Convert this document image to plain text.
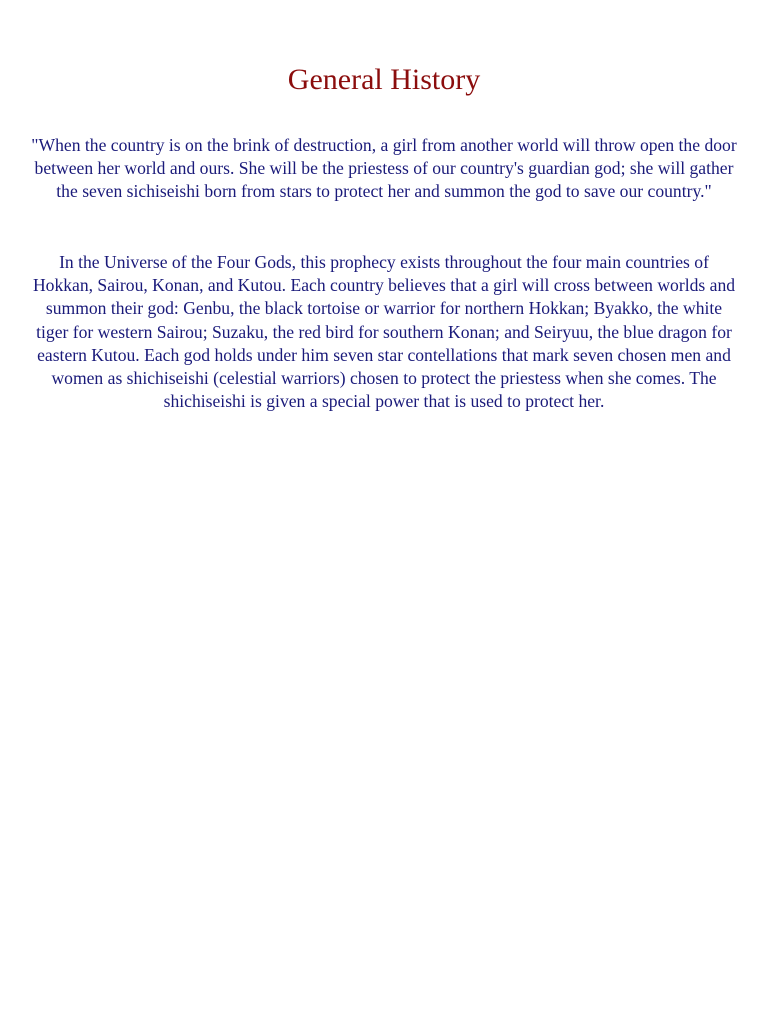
General History

"When the country is on the brink of destruction, a girl from another world will throw open the door between her world and ours. She will be the priestess of our country's guardian god; she will gather the seven sichiseishi born from stars to protect her and summon the god to save our country."

In the Universe of the Four Gods, this prophecy exists throughout the four main countries of Hokkan, Sairou, Konan, and Kutou. Each country believes that a girl will cross between worlds and summon their god: Genbu, the black tortoise or warrior for northern Hokkan; Byakko, the white tiger for western Sairou; Suzaku, the red bird for southern Konan; and Seiryuu, the blue dragon for eastern Kutou. Each god holds under him seven star contellations that mark seven chosen men and women as shichiseishi (celestial warriors) chosen to protect the priestess when she comes. The shichiseishi is given a special power that is used to protect her.
